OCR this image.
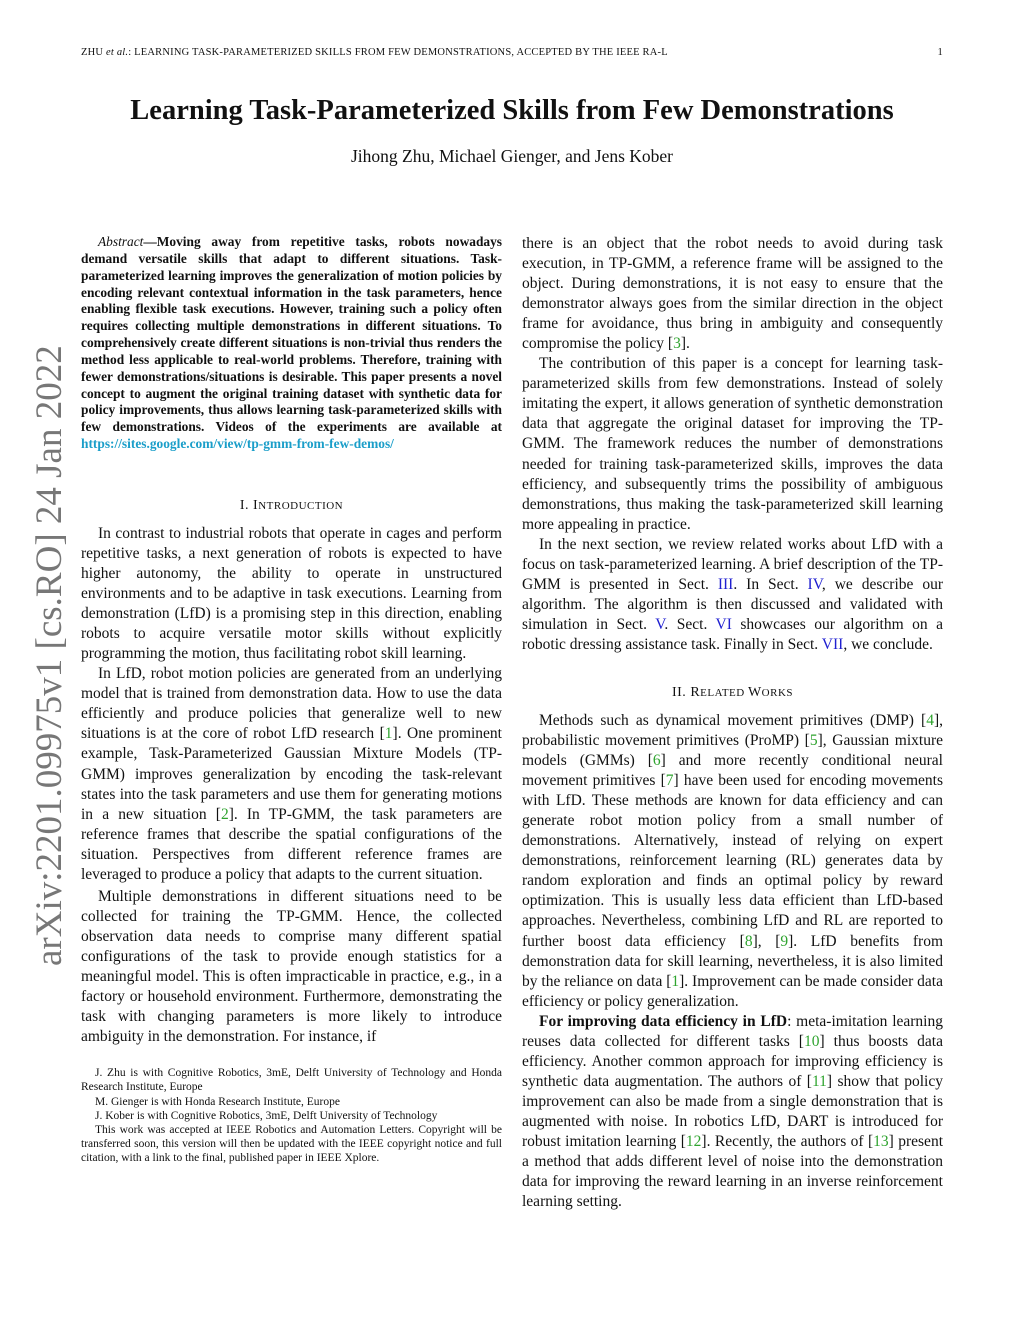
ZHU et al.: LEARNING TASK-PARAMETERIZED SKILLS FROM FEW DEMONSTRATIONS, ACCEPTED BY THE IEEE RA-L	1
arXiv:2201.09975v1 [cs.RO] 24 Jan 2022
Learning Task-Parameterized Skills from Few Demonstrations
Jihong Zhu, Michael Gienger, and Jens Kober

Abstract—Moving away from repetitive tasks, robots nowadays demand versatile skills that adapt to different situations. Task-parameterized learning improves the generalization of motion policies by encoding relevant contextual information in the task parameters, hence enabling flexible task executions. However, training such a policy often requires collecting multiple demonstrations in different situations. To comprehensively create different situations is non-trivial thus renders the method less applicable to real-world problems. Therefore, training with fewer demonstrations/situations is desirable. This paper presents a novel concept to augment the original training dataset with synthetic data for policy improvements, thus allows learning task-parameterized skills with few demonstrations. Videos of the experiments are available at https://sites.google.com/view/tp-gmm-from-few-demos/

I. INTRODUCTION

In contrast to industrial robots that operate in cages and perform repetitive tasks, a next generation of robots is expected to have higher autonomy, the ability to operate in unstructured environments and to be adaptive in task executions. Learning from demonstration (LfD) is a promising step in this direction, enabling robots to acquire versatile motor skills without explicitly programming the motion, thus facilitating robot skill learning.

In LfD, robot motion policies are generated from an underlying model that is trained from demonstration data. How to use the data efficiently and produce policies that generalize well to new situations is at the core of robot LfD research [1]. One prominent example, Task-Parameterized Gaussian Mixture Models (TP-GMM) improves generalization by encoding the task-relevant states into the task parameters and use them for generating motions in a new situation [2]. In TP-GMM, the task parameters are reference frames that describe the spatial configurations of the situation. Perspectives from different reference frames are leveraged to produce a policy that adapts to the current situation.

Multiple demonstrations in different situations need to be collected for training the TP-GMM. Hence, the collected observation data needs to comprise many different spatial configurations of the task to provide enough statistics for a meaningful model. This is often impracticable in practice, e.g., in a factory or household environment. Furthermore, demonstrating the task with changing parameters is more likely to introduce ambiguity in the demonstration. For instance, if

J. Zhu is with Cognitive Robotics, 3mE, Delft University of Technology and Honda Research Institute, Europe

M. Gienger is with Honda Research Institute, Europe

J. Kober is with Cognitive Robotics, 3mE, Delft University of Technology

This work was accepted at IEEE Robotics and Automation Letters. Copyright will be transferred soon, this version will then be updated with the IEEE copyright notice and full citation, with a link to the final, published paper in IEEE Xplore.

there is an object that the robot needs to avoid during task execution, in TP-GMM, a reference frame will be assigned to the object. During demonstrations, it is not easy to ensure that the demonstrator always goes from the similar direction in the object frame for avoidance, thus bring in ambiguity and consequently compromise the policy [3].

The contribution of this paper is a concept for learning task-parameterized skills from few demonstrations. Instead of solely imitating the expert, it allows generation of synthetic demonstration data that aggregate the original dataset for improving the TP-GMM. The framework reduces the number of demonstrations needed for training task-parameterized skills, improves the data efficiency, and subsequently trims the possibility of ambiguous demonstrations, thus making the task-parameterized skill learning more appealing in practice.

In the next section, we review related works about LfD with a focus on task-parameterized learning. A brief description of the TP-GMM is presented in Sect. III. In Sect. IV, we describe our algorithm. The algorithm is then discussed and validated with simulation in Sect. V. Sect. VI showcases our algorithm on a robotic dressing assistance task. Finally in Sect. VII, we conclude.

II. RELATED WORKS

Methods such as dynamical movement primitives (DMP) [4], probabilistic movement primitives (ProMP) [5], Gaussian mixture models (GMMs) [6] and more recently conditional neural movement primitives [7] have been used for encoding movements with LfD. These methods are known for data efficiency and can generate robot motion policy from a small number of demonstrations. Alternatively, instead of relying on expert demonstrations, reinforcement learning (RL) generates data by random exploration and finds an optimal policy by reward optimization. This is usually less data efficient than LfD-based approaches. Nevertheless, combining LfD and RL are reported to further boost data efficiency [8], [9]. LfD benefits from demonstration data for skill learning, nevertheless, it is also limited by the reliance on data [1]. Improvement can be made consider data efficiency or policy generalization.

For improving data efficiency in LfD: meta-imitation learning reuses data collected for different tasks [10] thus boosts data efficiency. Another common approach for improving efficiency is synthetic data augmentation. The authors of [11] show that policy improvement can also be made from a single demonstration that is augmented with noise. In robotics LfD, DART is introduced for robust imitation learning [12]. Recently, the authors of [13] present a method that adds different level of noise into the demonstration data for improving the reward learning in an inverse reinforcement learning setting.
